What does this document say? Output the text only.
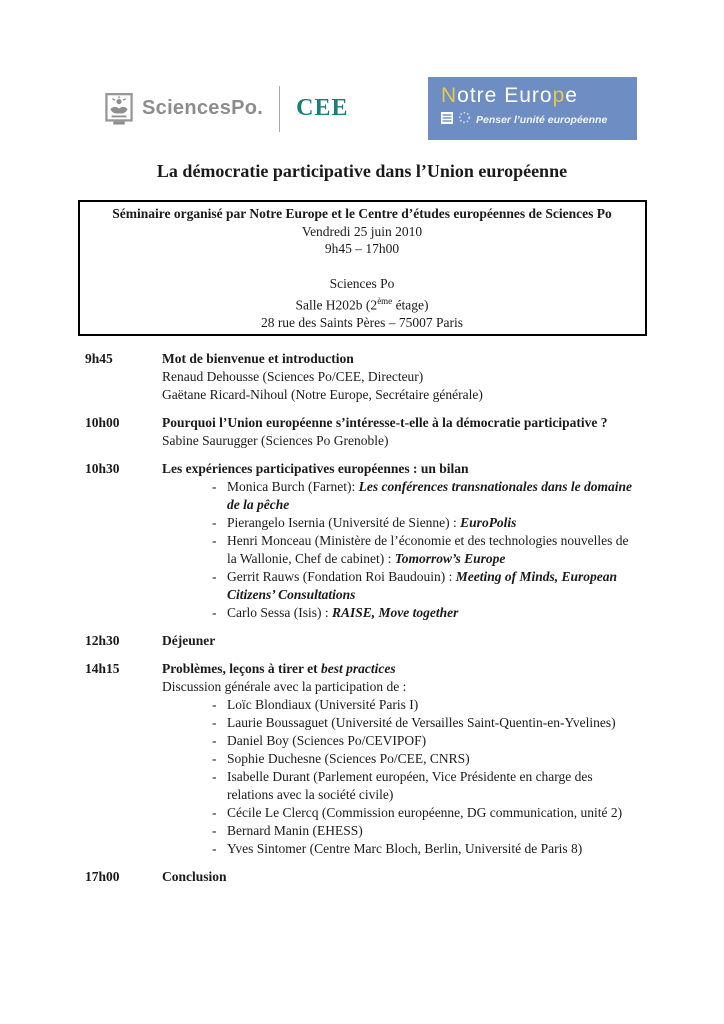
SciencesPo. CEE	Notre Europe
Penser l’unité européenne
La démocratie participative dans l’Union européenne
Séminaire organisé par Notre Europe et le Centre d’études européennes de Sciences Po
Vendredi 25 juin 2010
9h45 – 17h00
Sciences Po
Salle H202b (2ème étage)
28 rue des Saints Pères – 75007 Paris
9h45	Mot de bienvenue et introduction
Renaud Dehousse (Sciences Po/CEE, Directeur)
Gaëtane Ricard-Nihoul (Notre Europe, Secrétaire générale)
10h00	Pourquoi l’Union européenne s’intéresse-t-elle à la démocratie participative ?
Sabine Saurugger (Sciences Po Grenoble)
10h30	Les expériences participatives européennes : un bilan
- Monica Burch (Farnet): Les conférences transnationales dans le domaine de la pêche
- Pierangelo Isernia (Université de Sienne) : EuroPolis
- Henri Monceau (Ministère de l’économie et des technologies nouvelles de la Wallonie, Chef de cabinet) : Tomorrow’s Europe
- Gerrit Rauws (Fondation Roi Baudouin) : Meeting of Minds, European Citizens’ Consultations
- Carlo Sessa (Isis) : RAISE, Move together
12h30	Déjeuner
14h15	Problèmes, leçons à tirer et best practices
Discussion générale avec la participation de :
- Loïc Blondiaux (Université Paris I)
- Laurie Boussaguet (Université de Versailles Saint-Quentin-en-Yvelines)
- Daniel Boy (Sciences Po/CEVIPOF)
- Sophie Duchesne (Sciences Po/CEE, CNRS)
- Isabelle Durant (Parlement européen, Vice Présidente en charge des relations avec la société civile)
- Cécile Le Clercq (Commission européenne, DG communication, unité 2)
- Bernard Manin (EHESS)
- Yves Sintomer (Centre Marc Bloch, Berlin, Université de Paris 8)
17h00	Conclusion
